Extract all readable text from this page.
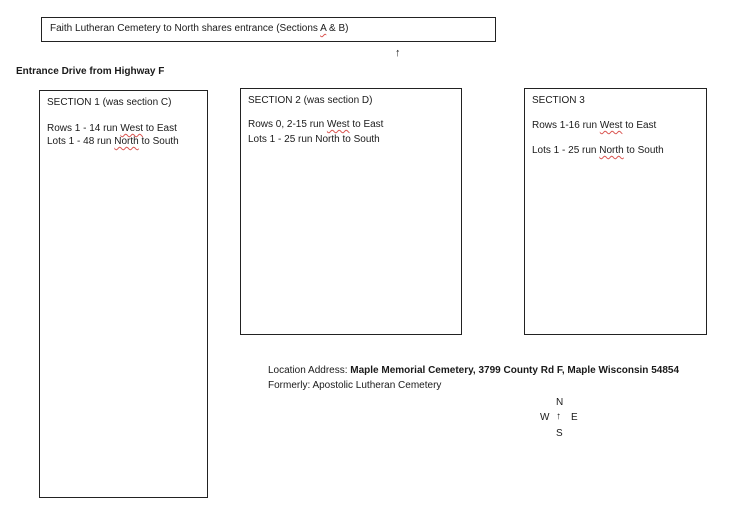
Faith Lutheran Cemetery to North shares entrance (Sections A & B)
↑
Entrance Drive from Highway F
SECTION 1 (was section C)
Rows 1 - 14 run West to East
Lots 1 - 48 run North to South
SECTION 2 (was section D)
Rows 0, 2-15 run West to East
Lots 1 - 25 run North to South
SECTION 3
Rows 1-16 run West to East
Lots 1 - 25 run North to South
Location Address: Maple Memorial Cemetery, 3799 County Rd F, Maple Wisconsin 54854
Formerly: Apostolic Lutheran Cemetery
N
W ↑ E
S
